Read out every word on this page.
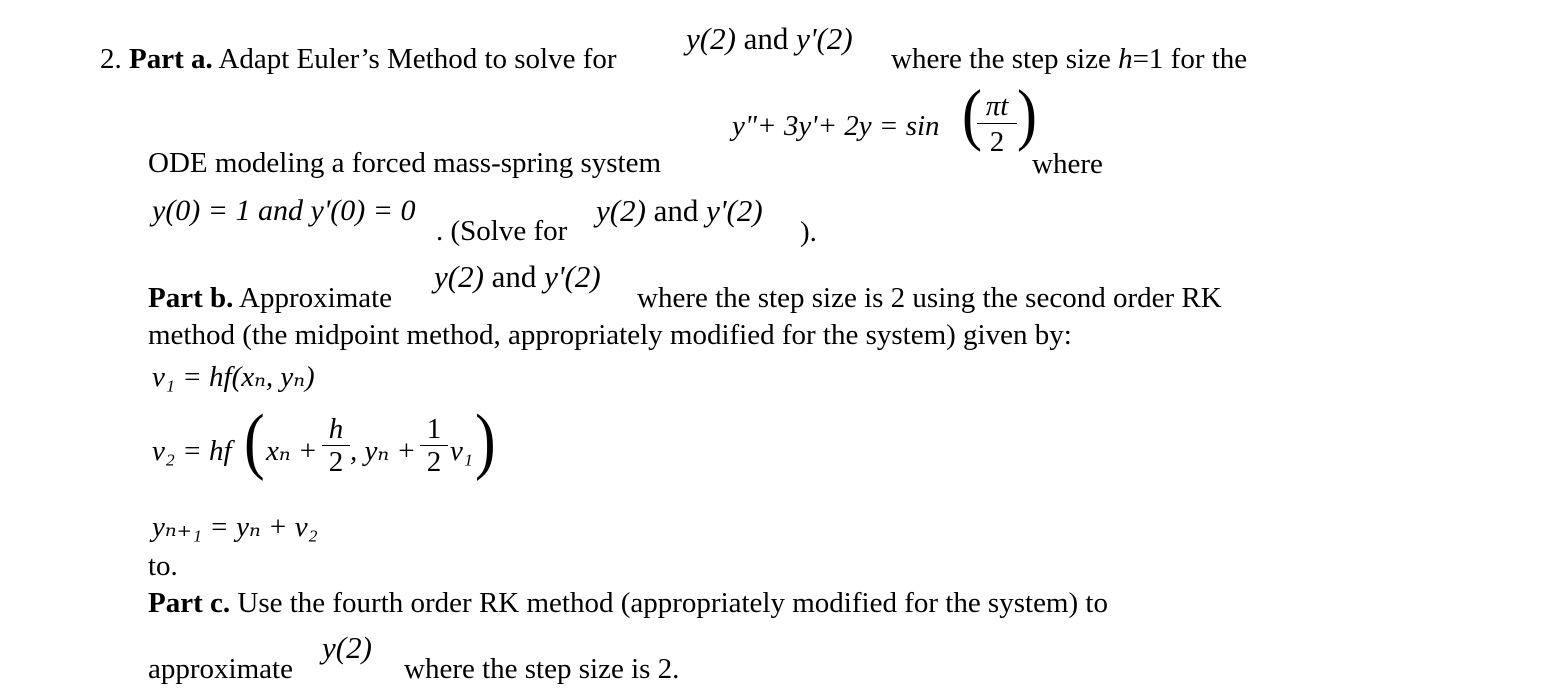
2. Part a. Adapt Euler’s Method to solve for
y(2) and y'(2)
where the step size h=1 for the
y"+ 3y'+ 2y = sin (
$\frac{\pi t}{2}$ )
where
ODE modeling a forced mass-spring system
y(0) = 1 and y'(0) = 0
. (Solve for
y(2) and y'(2)
).
Part b. Approximate
y(2) and y'(2)
where the step size is 2 using the second order RK
method (the midpoint method, appropriately modified for the system) given by:
v₁ = hf(xₙ, yₙ)
v₂ = hf ( $x_n + \frac{h}{2}$ , $y_n + \frac{1}{2} v_1$ )
yₙ₊₁ = yₙ + v₂
to.
Part c. Use the fourth order RK method (appropriately modified for the system) to
approximate
y(2)
where the step size is 2.
